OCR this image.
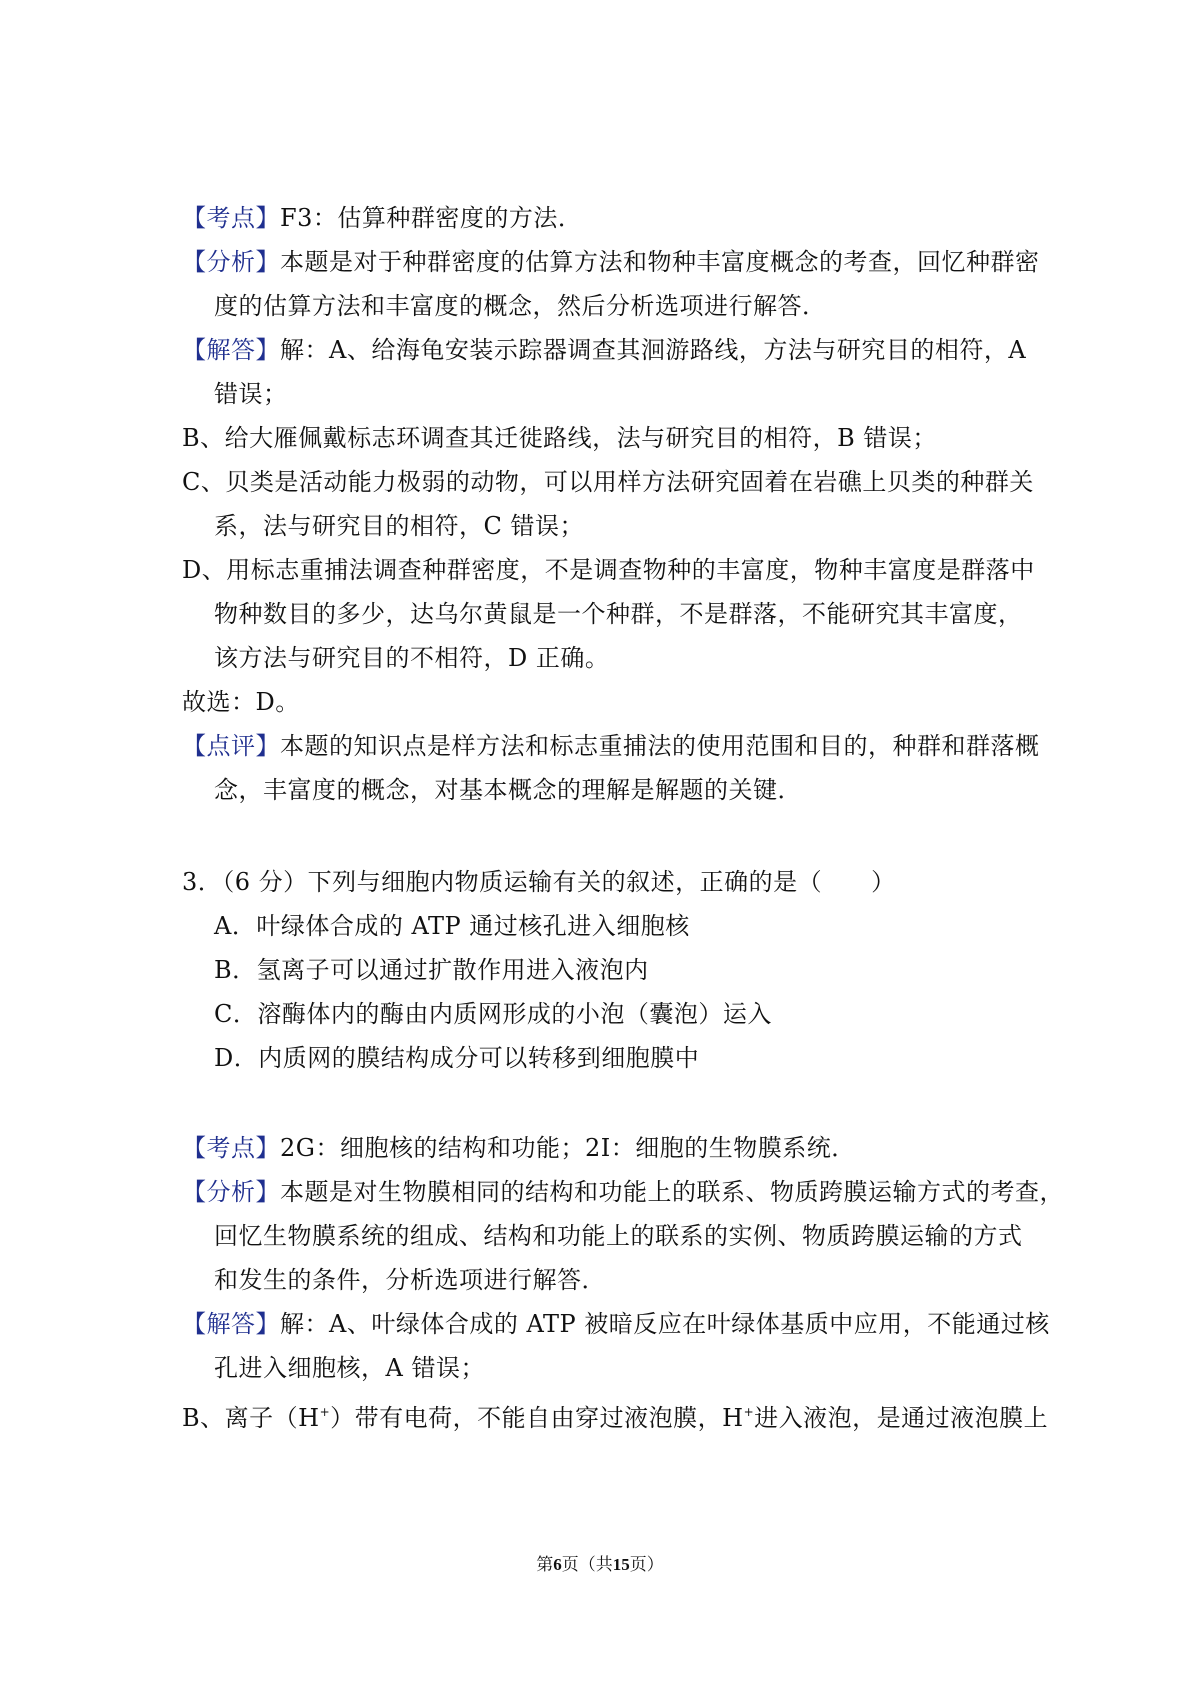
【考点】F3：估算种群密度的方法．
【分析】本题是对于种群密度的估算方法和物种丰富度概念的考查，回忆种群密
度的估算方法和丰富度的概念，然后分析选项进行解答．
【解答】解：A、给海龟安装示踪器调查其洄游路线，方法与研究目的相符，A
错误；
B、给大雁佩戴标志环调查其迁徙路线，法与研究目的相符，B 错误；
C、贝类是活动能力极弱的动物，可以用样方法研究固着在岩礁上贝类的种群关
系，法与研究目的相符，C 错误；
D、用标志重捕法调查种群密度，不是调查物种的丰富度，物种丰富度是群落中
物种数目的多少，达乌尔黄鼠是一个种群，不是群落，不能研究其丰富度，
该方法与研究目的不相符，D 正确。
故选：D。
【点评】本题的知识点是样方法和标志重捕法的使用范围和目的，种群和群落概
念，丰富度的概念，对基本概念的理解是解题的关键．
3．（6 分）下列与细胞内物质运输有关的叙述，正确的是（　　）
A．叶绿体合成的 ATP 通过核孔进入细胞核
B．氢离子可以通过扩散作用进入液泡内
C．溶酶体内的酶由内质网形成的小泡（囊泡）运入
D．内质网的膜结构成分可以转移到细胞膜中
【考点】2G：细胞核的结构和功能；2I：细胞的生物膜系统．
【分析】本题是对生物膜相同的结构和功能上的联系、物质跨膜运输方式的考查，
回忆生物膜系统的组成、结构和功能上的联系的实例、物质跨膜运输的方式
和发生的条件，分析选项进行解答．
【解答】解：A、叶绿体合成的 ATP 被暗反应在叶绿体基质中应用，不能通过核
孔进入细胞核，A 错误；
B、离子（H+）带有电荷，不能自由穿过液泡膜，H+进入液泡，是通过液泡膜上
第6页（共15页）
